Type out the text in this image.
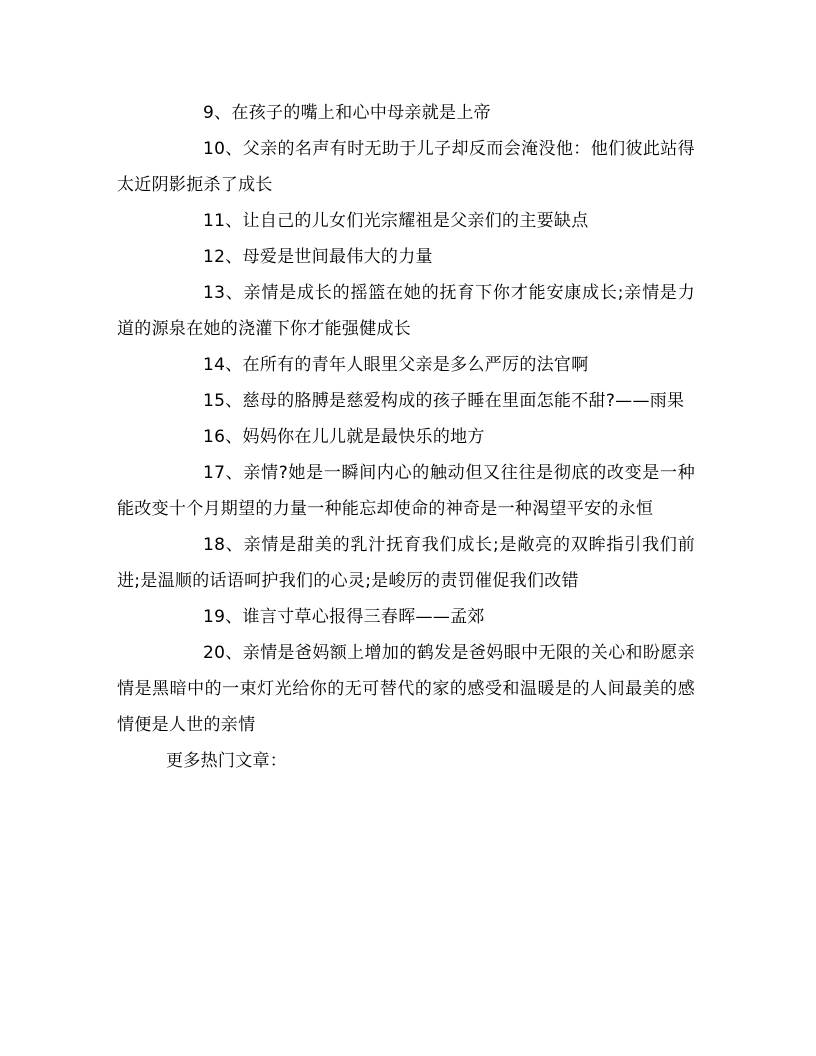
9、在孩子的嘴上和心中母亲就是上帝

10、父亲的名声有时无助于儿子却反而会淹没他：他们彼此站得太近阴影扼杀了成长

11、让自己的儿女们光宗耀祖是父亲们的主要缺点

12、母爱是世间最伟大的力量

13、亲情是成长的摇篮在她的抚育下你才能安康成长;亲情是力道的源泉在她的浇灌下你才能强健成长

14、在所有的青年人眼里父亲是多么严厉的法官啊

15、慈母的胳膊是慈爱构成的孩子睡在里面怎能不甜?——雨果

16、妈妈你在儿儿就是最快乐的地方

17、亲情?她是一瞬间内心的触动但又往往是彻底的改变是一种能改变十个月期望的力量一种能忘却使命的神奇是一种渴望平安的永恒

18、亲情是甜美的乳汁抚育我们成长;是敞亮的双眸指引我们前进;是温顺的话语呵护我们的心灵;是峻厉的责罚催促我们改错

19、谁言寸草心报得三春晖——孟郊

20、亲情是爸妈额上增加的鹤发是爸妈眼中无限的关心和盼愿亲情是黑暗中的一束灯光给你的无可替代的家的感受和温暖是的人间最美的感情便是人世的亲情

更多热门文章：
